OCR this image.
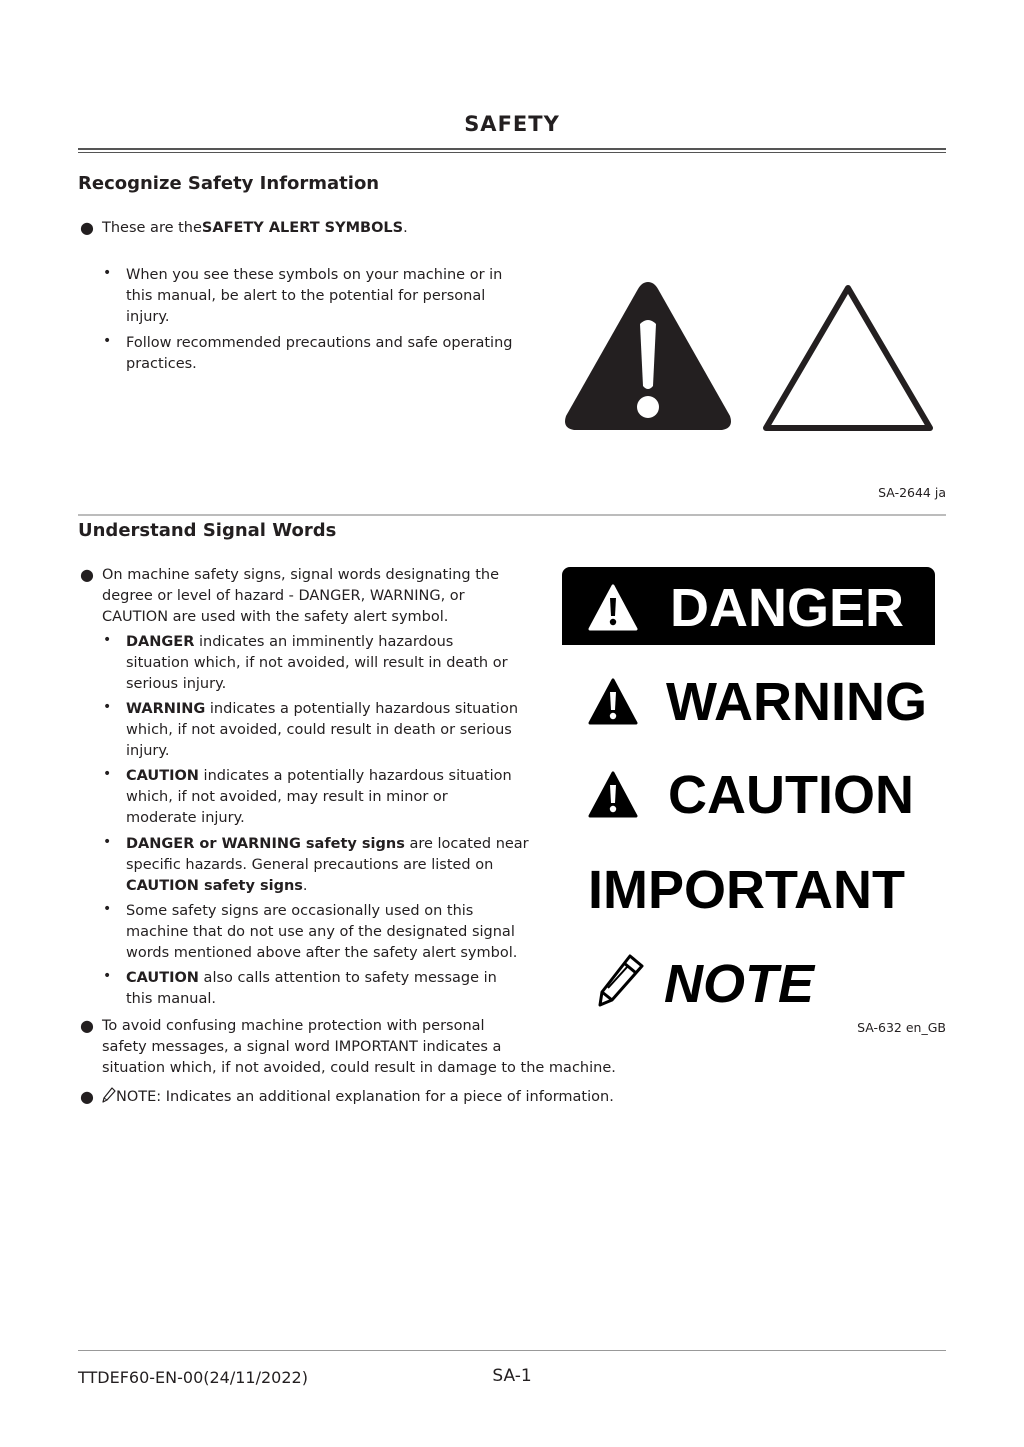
SAFETY
Recognize Safety Information
● These are theSAFETY ALERT SYMBOLS.
• When you see these symbols on your machine or in
this manual, be alert to the potential for personal
injury.
• Follow recommended precautions and safe operating
practices.
SA-2644 ja
Understand Signal Words
● On machine safety signs, signal words designating the
degree or level of hazard - DANGER, WARNING, or
CAUTION are used with the safety alert symbol.
• DANGER indicates an imminently hazardous
situation which, if not avoided, will result in death or
serious injury.
• WARNING indicates a potentially hazardous situation
which, if not avoided, could result in death or serious
injury.
• CAUTION indicates a potentially hazardous situation
which, if not avoided, may result in minor or
moderate injury.
• DANGER or WARNING safety signs are located near
specific hazards. General precautions are listed on
CAUTION safety signs.
• Some safety signs are occasionally used on this
machine that do not use any of the designated signal
words mentioned above after the safety alert symbol.
• CAUTION also calls attention to safety message in
this manual.
● To avoid confusing machine protection with personal
safety messages, a signal word IMPORTANT indicates a
situation which, if not avoided, could result in damage to the machine.
●	NOTE: Indicates an additional explanation for a piece of information.
DANGER
WARNING
CAUTION
IMPORTANT
NOTE
SA-632 en_GB
TTDEF60-EN-00(24/11/2022)	SA-1
